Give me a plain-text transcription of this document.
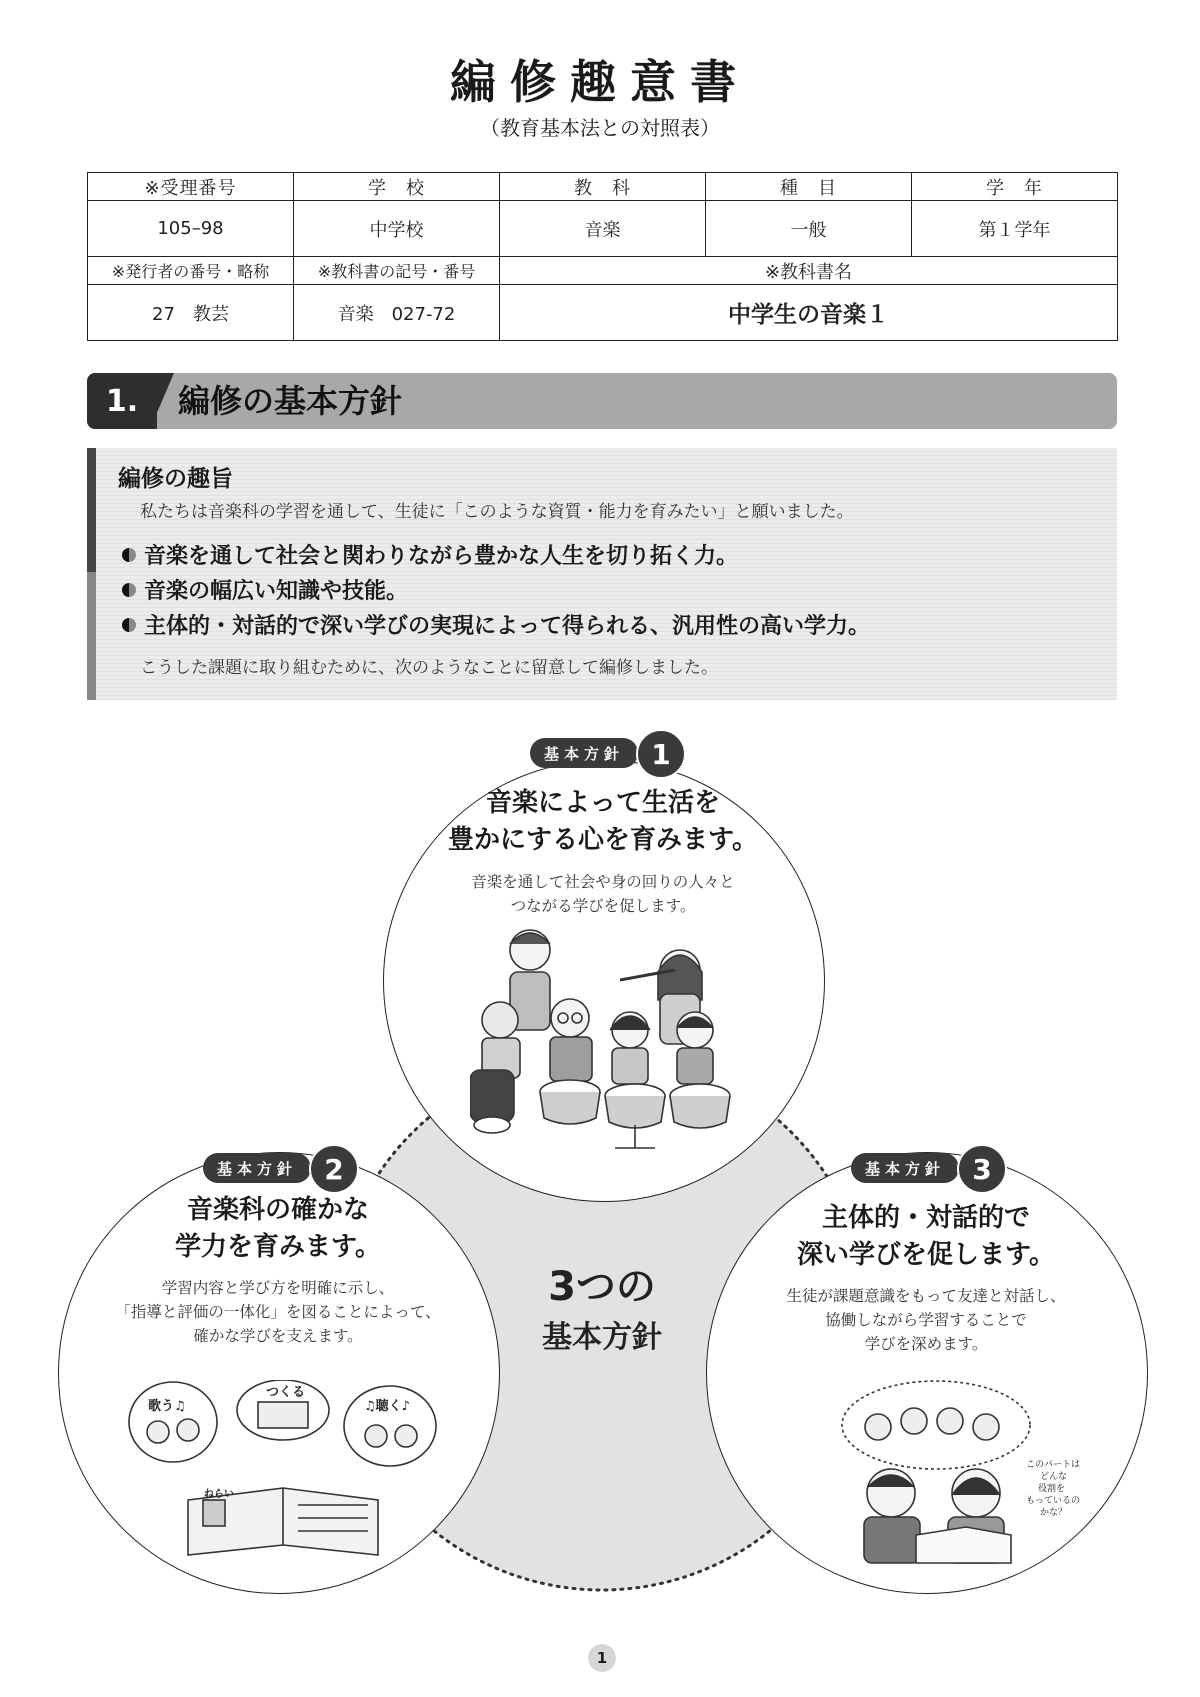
編修趣意書
（教育基本法との対照表）
※受理番号	学　校	教　科	種　目	学　年
105–98	中学校	音楽	一般	第１学年
※発行者の番号・略称	※教科書の記号・番号	※教科書名		
27　教芸	音楽　027-72	中学生の音楽１		
1.	編修の基本方針
編修の趣旨
私たちは音楽科の学習を通して、生徒に「このような資質・能力を育みたい」と願いました。
音楽を通して社会と関わりながら豊かな人生を切り拓く力。
音楽の幅広い知識や技能。
主体的・対話的で深い学びの実現によって得られる、汎用性の高い学力。
こうした課題に取り組むために、次のようなことに留意して編修しました。
基本方針 1
音楽によって生活を
豊かにする心を育みます。
音楽を通して社会や身の回りの人々と
つながる学びを促します。
基本方針 2
音楽科の確かな
学力を育みます。
学習内容と学び方を明確に示し、
「指導と評価の一体化」を図ることによって、
確かな学びを支えます。
歌う♫
つくる
♫聴く♪
ねらい
基本方針 3
主体的・対話的で
深い学びを促します。
生徒が課題意識をもって友達と対話し、
協働しながら学習することで
学びを深めます。
このパートは
どんな
役割を
もっているの
かな？
3つの
基本方針
1
